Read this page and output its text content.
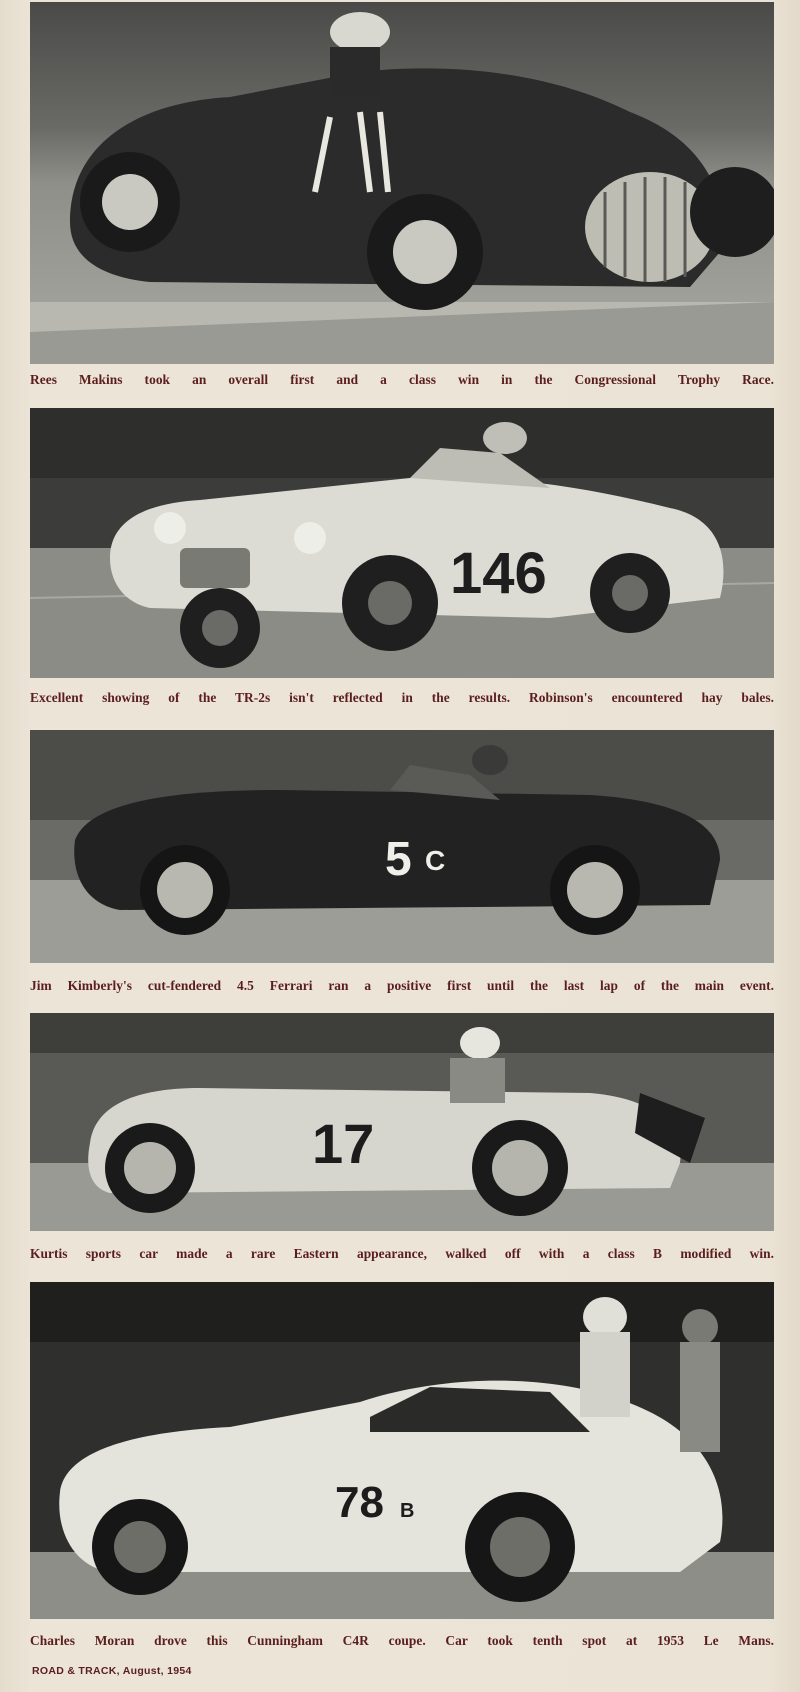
Rees Makins took an overall first and a class win in the Congressional Trophy Race.
146
Excellent showing of the TR-2s isn't reflected in the results. Robinson's encountered hay bales.
5 C
Jim Kimberly's cut-fendered 4.5 Ferrari ran a positive first until the last lap of the main event.
17
Kurtis sports car made a rare Eastern appearance, walked off with a class B modified win.
78 B
Charles Moran drove this Cunningham C4R coupe. Car took tenth spot at 1953 Le Mans.
ROAD & TRACK, August, 1954
